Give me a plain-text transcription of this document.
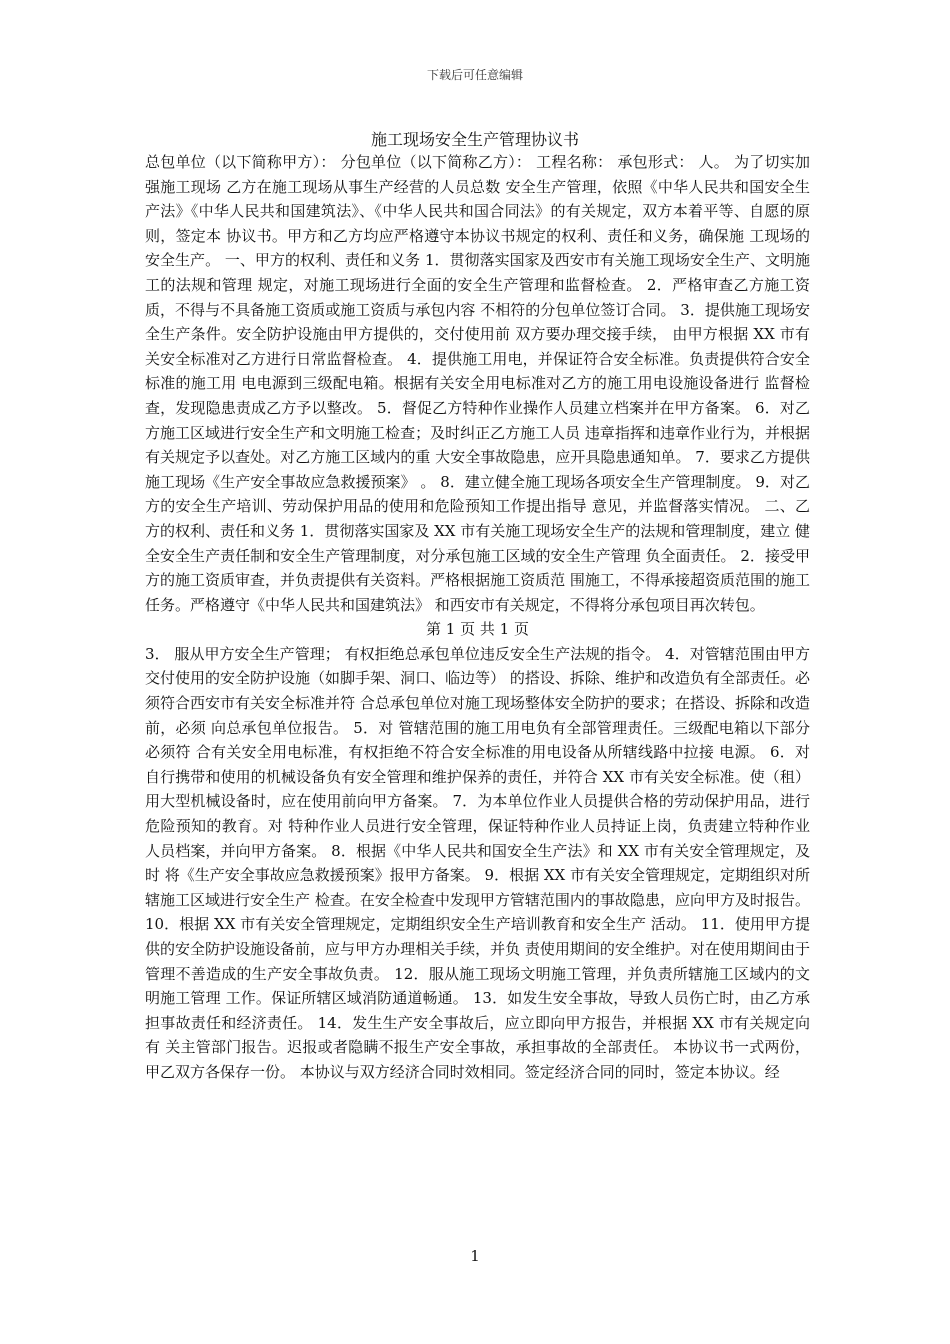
下载后可任意编辑
施工现场安全生产管理协议书

总包单位（以下简称甲方）： 分包单位（以下简称乙方）： 工程名称： 承包形式： 人。 为了切实加强施工现场 乙方在施工现场从事生产经营的人员总数 安全生产管理，依照《中华人民共和国安全生产法》《中华人民共和国建筑法》、《中华人民共和国合同法》的有关规定，双方本着平等、自愿的原则，签定本 协议书。甲方和乙方均应严格遵守本协议书规定的权利、责任和义务，确保施 工现场的安全生产。 一、甲方的权利、责任和义务 1．贯彻落实国家及西安市有关施工现场安全生产、文明施工的法规和管理 规定，对施工现场进行全面的安全生产管理和监督检查。 2．严格审查乙方施工资质，不得与不具备施工资质或施工资质与承包内容 不相符的分包单位签订合同。 3．提供施工现场安全生产条件。安全防护设施由甲方提供的，交付使用前 双方要办理交接手续， 由甲方根据 XX 市有关安全标准对乙方进行日常监督检查。 4．提供施工用电，并保证符合安全标准。负责提供符合安全标准的施工用 电电源到三级配电箱。根据有关安全用电标准对乙方的施工用电设施设备进行 监督检查，发现隐患责成乙方予以整改。 5．督促乙方特种作业操作人员建立档案并在甲方备案。 6．对乙方施工区域进行安全生产和文明施工检查；及时纠正乙方施工人员 违章指挥和违章作业行为，并根据有关规定予以查处。对乙方施工区域内的重 大安全事故隐患，应开具隐患通知单。 7．要求乙方提供施工现场《生产安全事故应急救援预案》 。 8．建立健全施工现场各项安全生产管理制度。 9．对乙方的安全生产培训、劳动保护用品的使用和危险预知工作提出指导 意见，并监督落实情况。 二、乙方的权利、责任和义务 1．贯彻落实国家及 XX 市有关施工现场安全生产的法规和管理制度，建立 健全安全生产责任制和安全生产管理制度，对分承包施工区域的安全生产管理 负全面责任。 2．接受甲方的施工资质审查，并负责提供有关资料。严格根据施工资质范 围施工，不得承接超资质范围的施工任务。严格遵守《中华人民共和国建筑法》 和西安市有关规定，不得将分承包项目再次转包。

第 1 页 共 1 页

3． 服从甲方安全生产管理； 有权拒绝总承包单位违反安全生产法规的指令。 4．对管辖范围由甲方交付使用的安全防护设施（如脚手架、洞口、临边等） 的搭设、拆除、维护和改造负有全部责任。必须符合西安市有关安全标准并符 合总承包单位对施工现场整体安全防护的要求；在搭设、拆除和改造前，必须 向总承包单位报告。 5．对 管辖范围的施工用电负有全部管理责任。三级配电箱以下部分必须符 合有关安全用电标准，有权拒绝不符合安全标准的用电设备从所辖线路中拉接 电源。 6．对自行携带和使用的机械设备负有安全管理和维护保养的责任，并符合 XX 市有关安全标准。使（租）用大型机械设备时，应在使用前向甲方备案。 7．为本单位作业人员提供合格的劳动保护用品，进行危险预知的教育。对 特种作业人员进行安全管理，保证特种作业人员持证上岗，负责建立特种作业 人员档案，并向甲方备案。 8．根据《中华人民共和国安全生产法》和 XX 市有关安全管理规定，及时 将《生产安全事故应急救援预案》报甲方备案。 9．根据 XX 市有关安全管理规定，定期组织对所辖施工区域进行安全生产 检查。在安全检查中发现甲方管辖范围内的事故隐患，应向甲方及时报告。 10．根据 XX 市有关安全管理规定，定期组织安全生产培训教育和安全生产 活动。 11．使用甲方提供的安全防护设施设备前，应与甲方办理相关手续，并负 责使用期间的安全维护。对在使用期间由于管理不善造成的生产安全事故负责。 12．服从施工现场文明施工管理，并负责所辖施工区域内的文明施工管理 工作。保证所辖区域消防通道畅通。 13．如发生安全事故，导致人员伤亡时，由乙方承担事故责任和经济责任。 14．发生生产安全事故后，应立即向甲方报告，并根据 XX 市有关规定向有 关主管部门报告。迟报或者隐瞒不报生产安全事故，承担事故的全部责任。 本协议书一式两份，甲乙双方各保存一份。 本协议与双方经济合同时效相同。签定经济合同的同时，签定本协议。经

1
